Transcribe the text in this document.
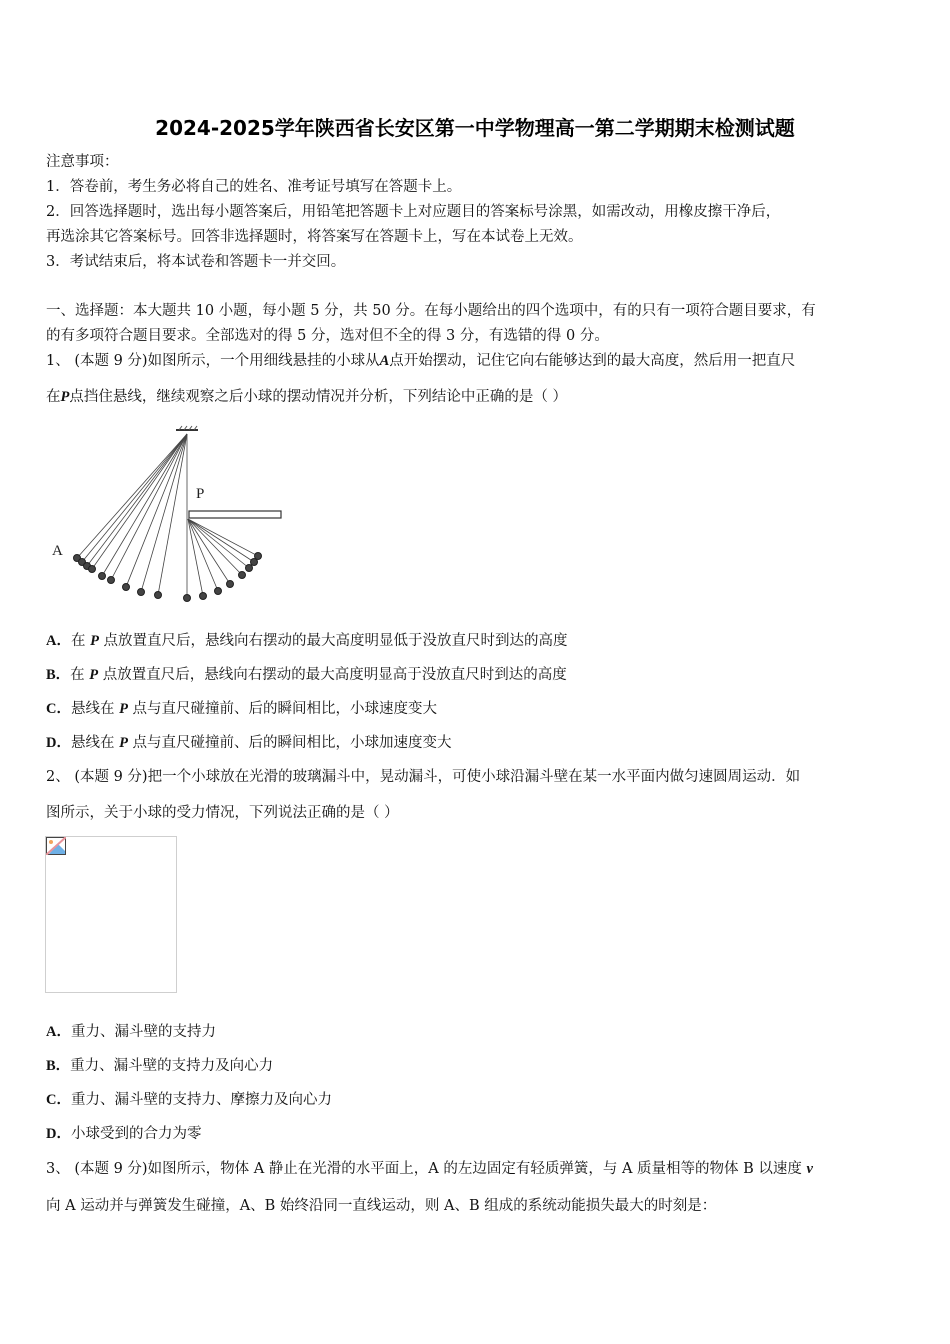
2024-2025学年陕西省长安区第一中学物理高一第二学期期末检测试题
注意事项：
1．答卷前，考生务必将自己的姓名、准考证号填写在答题卡上。
2．回答选择题时，选出每小题答案后，用铅笔把答题卡上对应题目的答案标号涂黑，如需改动，用橡皮擦干净后，
再选涂其它答案标号。回答非选择题时，将答案写在答题卡上，写在本试卷上无效。
3．考试结束后，将本试卷和答题卡一并交回。
一、选择题：本大题共 10 小题，每小题 5 分，共 50 分。在每小题给出的四个选项中，有的只有一项符合题目要求，有
的有多项符合题目要求。全部选对的得 5 分，选对但不全的得 3 分，有选错的得 0 分。
1、 (本题 9 分)如图所示，一个用细线悬挂的小球从A点开始摆动，记住它向右能够达到的最大高度，然后用一把直尺
在P点挡住悬线，继续观察之后小球的摆动情况并分析，下列结论中正确的是（ ）
P
A
A．在 P 点放置直尺后，悬线向右摆动的最大高度明显低于没放直尺时到达的高度
B．在 P 点放置直尺后，悬线向右摆动的最大高度明显高于没放直尺时到达的高度
C．悬线在 P 点与直尺碰撞前、后的瞬间相比，小球速度变大
D．悬线在 P 点与直尺碰撞前、后的瞬间相比，小球加速度变大
2、 (本题 9 分)把一个小球放在光滑的玻璃漏斗中，晃动漏斗，可使小球沿漏斗壁在某一水平面内做匀速圆周运动．如
图所示，关于小球的受力情况，下列说法正确的是（ ）
A．重力、漏斗壁的支持力
B．重力、漏斗壁的支持力及向心力
C．重力、漏斗壁的支持力、摩擦力及向心力
D．小球受到的合力为零
3、 (本题 9 分)如图所示，物体 A 静止在光滑的水平面上，A 的左边固定有轻质弹簧，与 A 质量相等的物体 B 以速度 v
向 A 运动并与弹簧发生碰撞，A、B 始终沿同一直线运动，则 A、B 组成的系统动能损失最大的时刻是：
